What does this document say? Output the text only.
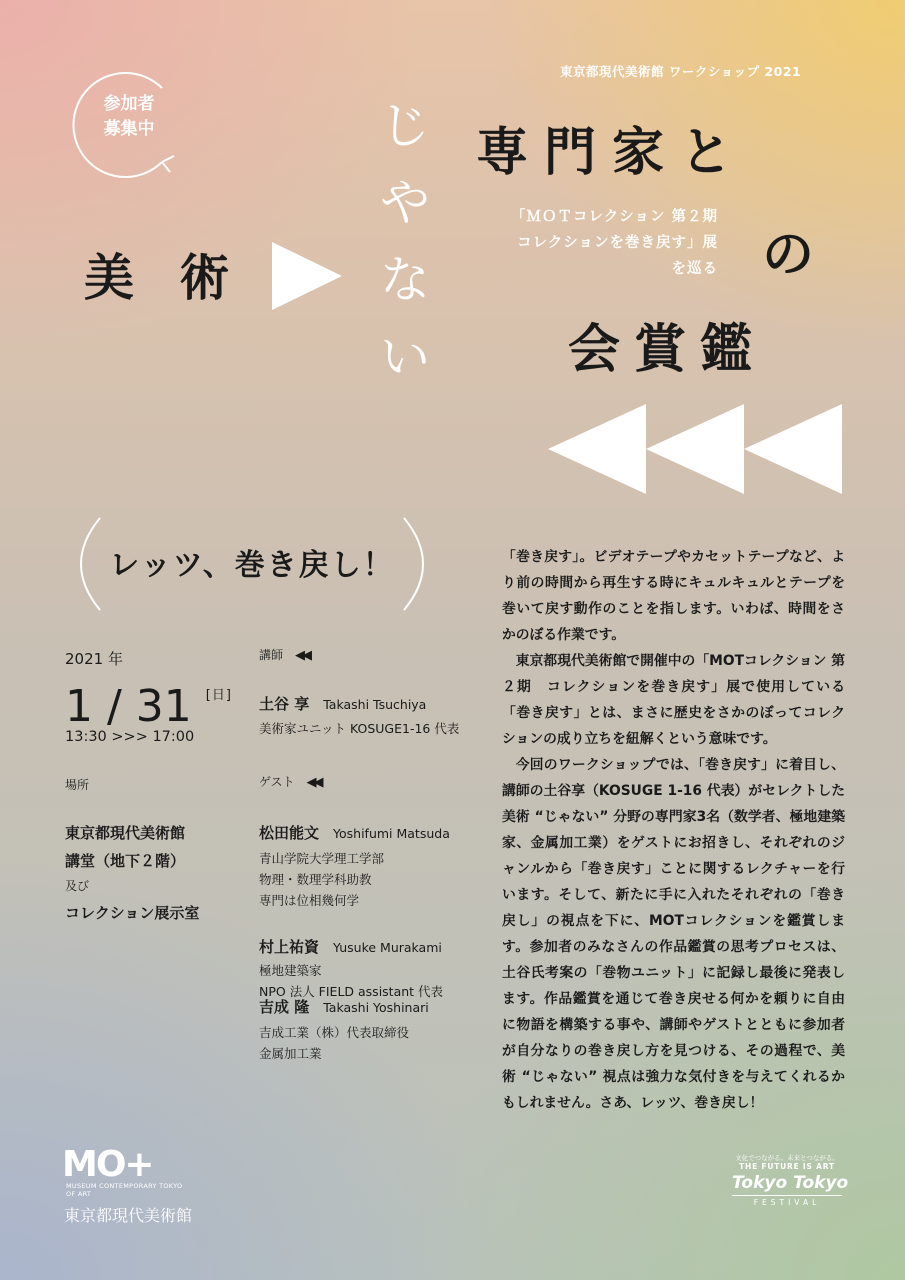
参加者
募集中
東京都現代美術館 ワークショップ 2021
美 術
じ
や
な
い
専門家と
の
会賞鑑
「ＭＯＴコレクション 第２期
コレクションを巻き戻す」展
を巡る
レッツ、巻き戻し！
2021 年
1 / 31 [日]
13:30 >>> 17:00
場所
東京都現代美術館
講堂（地下２階）
及び
コレクション展示室
講師 ◀◀
土谷 享 Takashi Tsuchiya
美術家ユニット KOSUGE1-16 代表
ゲスト ◀◀
松田能文 Yoshifumi Matsuda
青山学院大学理工学部
物理・数理学科助教
専門は位相幾何学
村上祐資 Yusuke Murakami
極地建築家
NPO 法人 FIELD assistant 代表
吉成 隆 Takashi Yoshinari
吉成工業（株）代表取締役
金属加工業

「巻き戻す」。ビデオテープやカセットテープなど、より前の時間から再生する時にキュルキュルとテープを巻いて戻す動作のことを指します。いわば、時間をさかのぼる作業です。

東京都現代美術館で開催中の「MOTコレクション 第２期　コレクションを巻き戻す」展で使用している「巻き戻す」とは、まさに歴史をさかのぼってコレクションの成り立ちを紐解くという意味です。

今回のワークショップでは、「巻き戻す」に着目し、講師の土谷享（KOSUGE 1-16 代表）がセレクトした美術 “じゃない” 分野の専門家3名（数学者、極地建築家、金属加工業）をゲストにお招きし、それぞれのジャンルから「巻き戻す」ことに関するレクチャーを行います。そして、新たに手に入れたそれぞれの「巻き戻し」の視点を下に、MOTコレクションを鑑賞します。参加者のみなさんの作品鑑賞の思考プロセスは、土谷氏考案の「巻物ユニット」に記録し最後に発表します。作品鑑賞を通じて巻き戻せる何かを頼りに自由に物語を構築する事や、講師やゲストとともに参加者が自分なりの巻き戻し方を見つける、その過程で、美術 “じゃない” 視点は強力な気付きを与えてくれるかもしれません。さあ、レッツ、巻き戻し！

MO+
MUSEUM CONTEMPORARY TOKYO OF ART
東京都現代美術館
文化でつながる。未来とつながる。
THE FUTURE IS ART
Tokyo Tokyo
FESTIVAL
